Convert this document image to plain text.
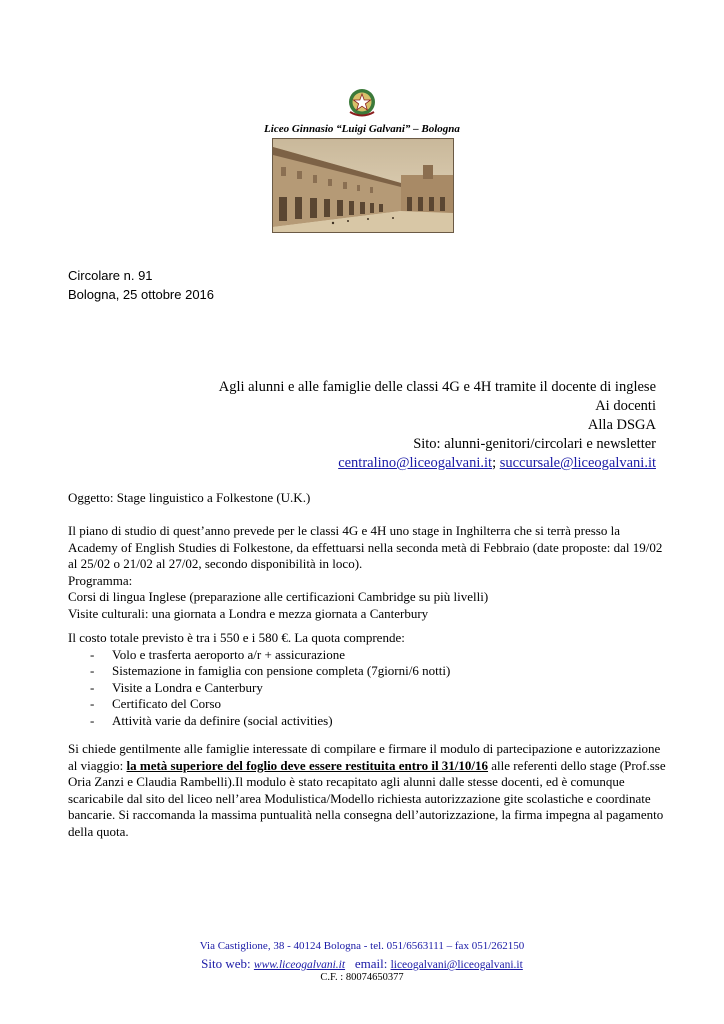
Liceo Ginnasio “Luigi Galvani” – Bologna
Circolare n. 91
Bologna, 25 ottobre 2016
Agli alunni e alle famiglie delle classi 4G e 4H tramite il docente di inglese
Ai docenti
Alla DSGA
Sito: alunni-genitori/circolari e newsletter
centralino@liceogalvani.it; succursale@liceogalvani.it
Oggetto: Stage linguistico a Folkestone (U.K.)
Il piano di studio di quest’anno prevede per le classi 4G e 4H uno stage in Inghilterra che si terrà presso la Academy of English Studies di Folkestone, da effettuarsi nella seconda metà di Febbraio (date proposte: dal 19/02 al 25/02 o 21/02 al 27/02, secondo disponibilità in loco).
Programma:
Corsi di lingua Inglese (preparazione alle certificazioni Cambridge su più livelli)
Visite culturali: una giornata a Londra e mezza giornata a Canterbury
Il costo totale previsto è tra i 550 e i 580 €. La quota comprende:
- Volo e trasferta aeroporto a/r + assicurazione
- Sistemazione in famiglia con pensione completa (7giorni/6 notti)
- Visite a Londra e Canterbury
- Certificato del Corso
- Attività varie da definire (social activities)
Si chiede gentilmente alle famiglie interessate di compilare e firmare il modulo di partecipazione e autorizzazione al viaggio: la metà superiore del foglio deve essere restituita entro il 31/10/16 alle referenti dello stage (Prof.sse Oria Zanzi e Claudia Rambelli).Il modulo è stato recapitato agli alunni dalle stesse docenti, ed è comunque scaricabile dal sito del liceo nell’area Modulistica/Modello richiesta autorizzazione gite scolastiche e coordinate bancarie. Si raccomanda la massima puntualità nella consegna dell’autorizzazione, la firma impegna al pagamento della quota.
Via Castiglione, 38 - 40124 Bologna - tel. 051/6563111 – fax 051/262150
Sito web: www.liceogalvani.it   email: liceogalvani@liceogalvani.it
C.F. : 80074650377
